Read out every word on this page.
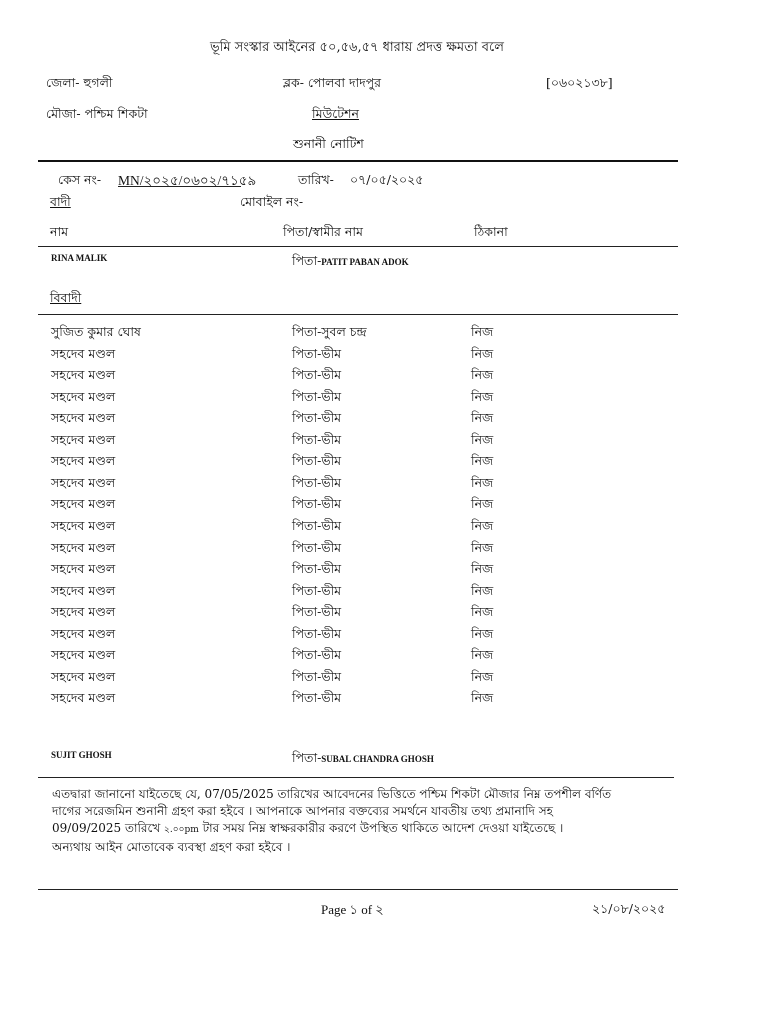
ভূমি সংস্কার আইনের ৫০,৫৬,৫৭ ধারায় প্রদত্ত ক্ষমতা বলে
জেলা- হুগলী	ব্লক- পোলবা দাদপুর	[০৬০২১৩৮]
মৌজা- পশ্চিম শিকটা	মিউটেশন
শুনানী নোটিশ
কেস নং- MN/২০২৫/০৬০২/৭১৫৯	তারিখ- ০৭/০৫/২০২৫
বাদী	মোবাইল নং-
নাম	পিতা/স্বামীর নাম	ঠিকানা
RINA MALIK	পিতা-PATIT PABAN ADOK
বিবাদী
সুজিত কুমার ঘোষ	পিতা-সুবল চন্দ্র	নিজ
সহদেব মণ্ডল	পিতা-ভীম	নিজ
সহদেব মণ্ডল	পিতা-ভীম	নিজ
সহদেব মণ্ডল	পিতা-ভীম	নিজ
সহদেব মণ্ডল	পিতা-ভীম	নিজ
সহদেব মণ্ডল	পিতা-ভীম	নিজ
সহদেব মণ্ডল	পিতা-ভীম	নিজ
সহদেব মণ্ডল	পিতা-ভীম	নিজ
সহদেব মণ্ডল	পিতা-ভীম	নিজ
সহদেব মণ্ডল	পিতা-ভীম	নিজ
সহদেব মণ্ডল	পিতা-ভীম	নিজ
সহদেব মণ্ডল	পিতা-ভীম	নিজ
সহদেব মণ্ডল	পিতা-ভীম	নিজ
সহদেব মণ্ডল	পিতা-ভীম	নিজ
সহদেব মণ্ডল	পিতা-ভীম	নিজ
সহদেব মণ্ডল	পিতা-ভীম	নিজ
সহদেব মণ্ডল	পিতা-ভীম	নিজ
সহদেব মণ্ডল	পিতা-ভীম	নিজ
SUJIT GHOSH	পিতা-SUBAL CHANDRA GHOSH
এতদ্বারা জানানো যাইতেছে যে, 07/05/2025 তারিখের আবেদনের ভিত্তিতে পশ্চিম শিকটা মৌজার নিম্ন তপশীল বর্ণিত
দাগের সরেজমিন শুনানী গ্রহণ করা হইবে । আপনাকে আপনার বক্তব্যের সমর্থনে যাবতীয় তথ্য প্রমানাদি সহ
09/09/2025 তারিখে ২.০০pm টার সময় নিম্ন স্বাক্ষরকারীর করণে উপস্থিত থাকিতে আদেশ দেওয়া যাইতেছে ।
অন্যথায় আইন মোতাবেক ব্যবস্থা গ্রহণ করা হইবে ।
Page ১ of ২	২১/০৮/২০২৫
